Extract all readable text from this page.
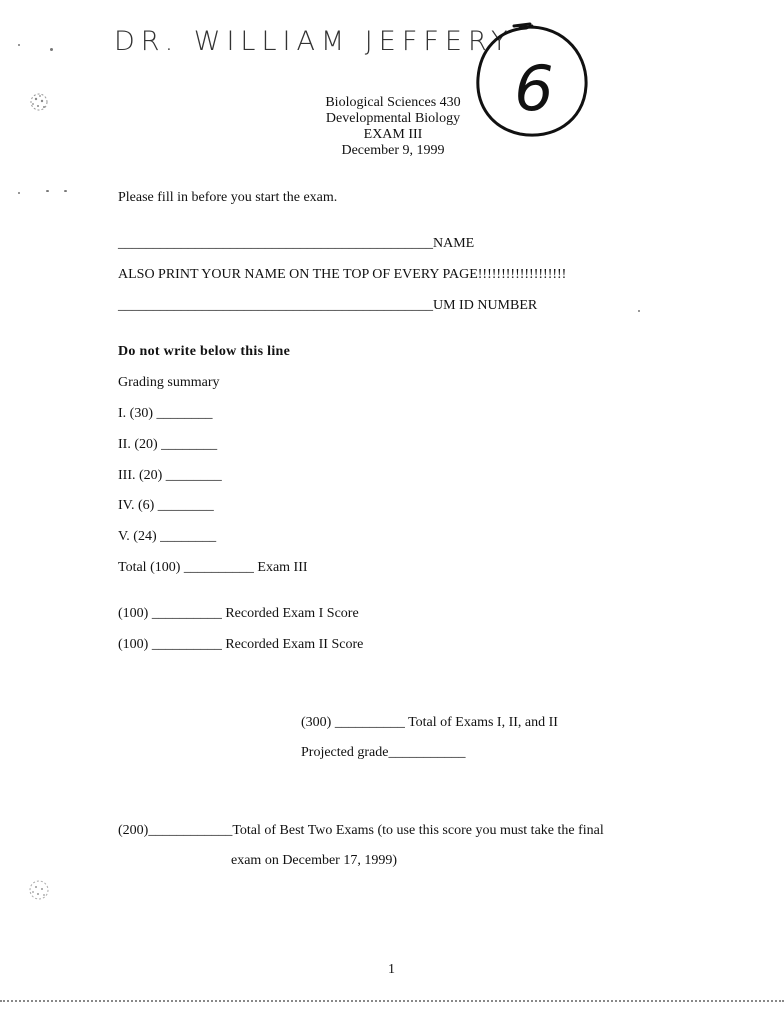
DR. WILLIAM JEFFERY
6
Biological Sciences 430
Developmental Biology
EXAM III
December 9, 1999
Please fill in before you start the exam.
_____________________________________________NAME
ALSO PRINT YOUR NAME ON THE TOP OF EVERY PAGE!!!!!!!!!!!!!!!!!!!
_____________________________________________UM ID NUMBER
Do not write below this line
Grading summary
I. (30) ________
II. (20) ________
III. (20) ________
IV. (6) ________
V. (24) ________
Total (100) __________ Exam III
(100) __________ Recorded Exam I Score
(100) __________ Recorded Exam II Score
(300) __________ Total of Exams I, II, and II
Projected grade___________
(200)____________Total of Best Two Exams (to use this score you must take the final
exam on December 17, 1999)
1
